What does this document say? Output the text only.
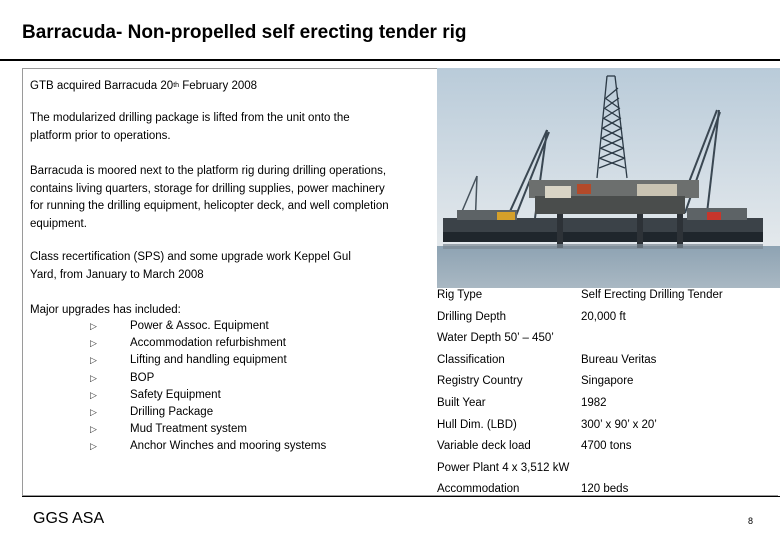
Barracuda- Non-propelled self erecting tender rig
GTB acquired Barracuda 20th February 2008
The modularized drilling package is lifted from the unit onto the platform prior to operations.
Barracuda is moored next to the platform rig during drilling operations, contains living quarters, storage for drilling supplies, power machinery for running the drilling equipment, helicopter deck, and well completion equipment.
Class recertification (SPS) and some upgrade work Keppel Gul Yard, from January to March 2008
Major upgrades has included:
▷	Power & Assoc. Equipment
▷	Accommodation refurbishment
▷	Lifting and handling equipment
▷	BOP
▷	Safety Equipment
▷	Drilling Package
▷	Mud Treatment system
▷	Anchor Winches and mooring systems
Rig Type	Self Erecting Drilling Tender
Drilling Depth	20,000 ft
Water Depth 50’ – 450’
Classification	Bureau Veritas
Registry Country	Singapore
Built Year	1982
Hull Dim. (LBD)	300’ x 90’ x 20’
Variable deck load	4700 tons
Power Plant 4 x 3,512 kW
Accommodation	120 beds
GGS ASA	8
